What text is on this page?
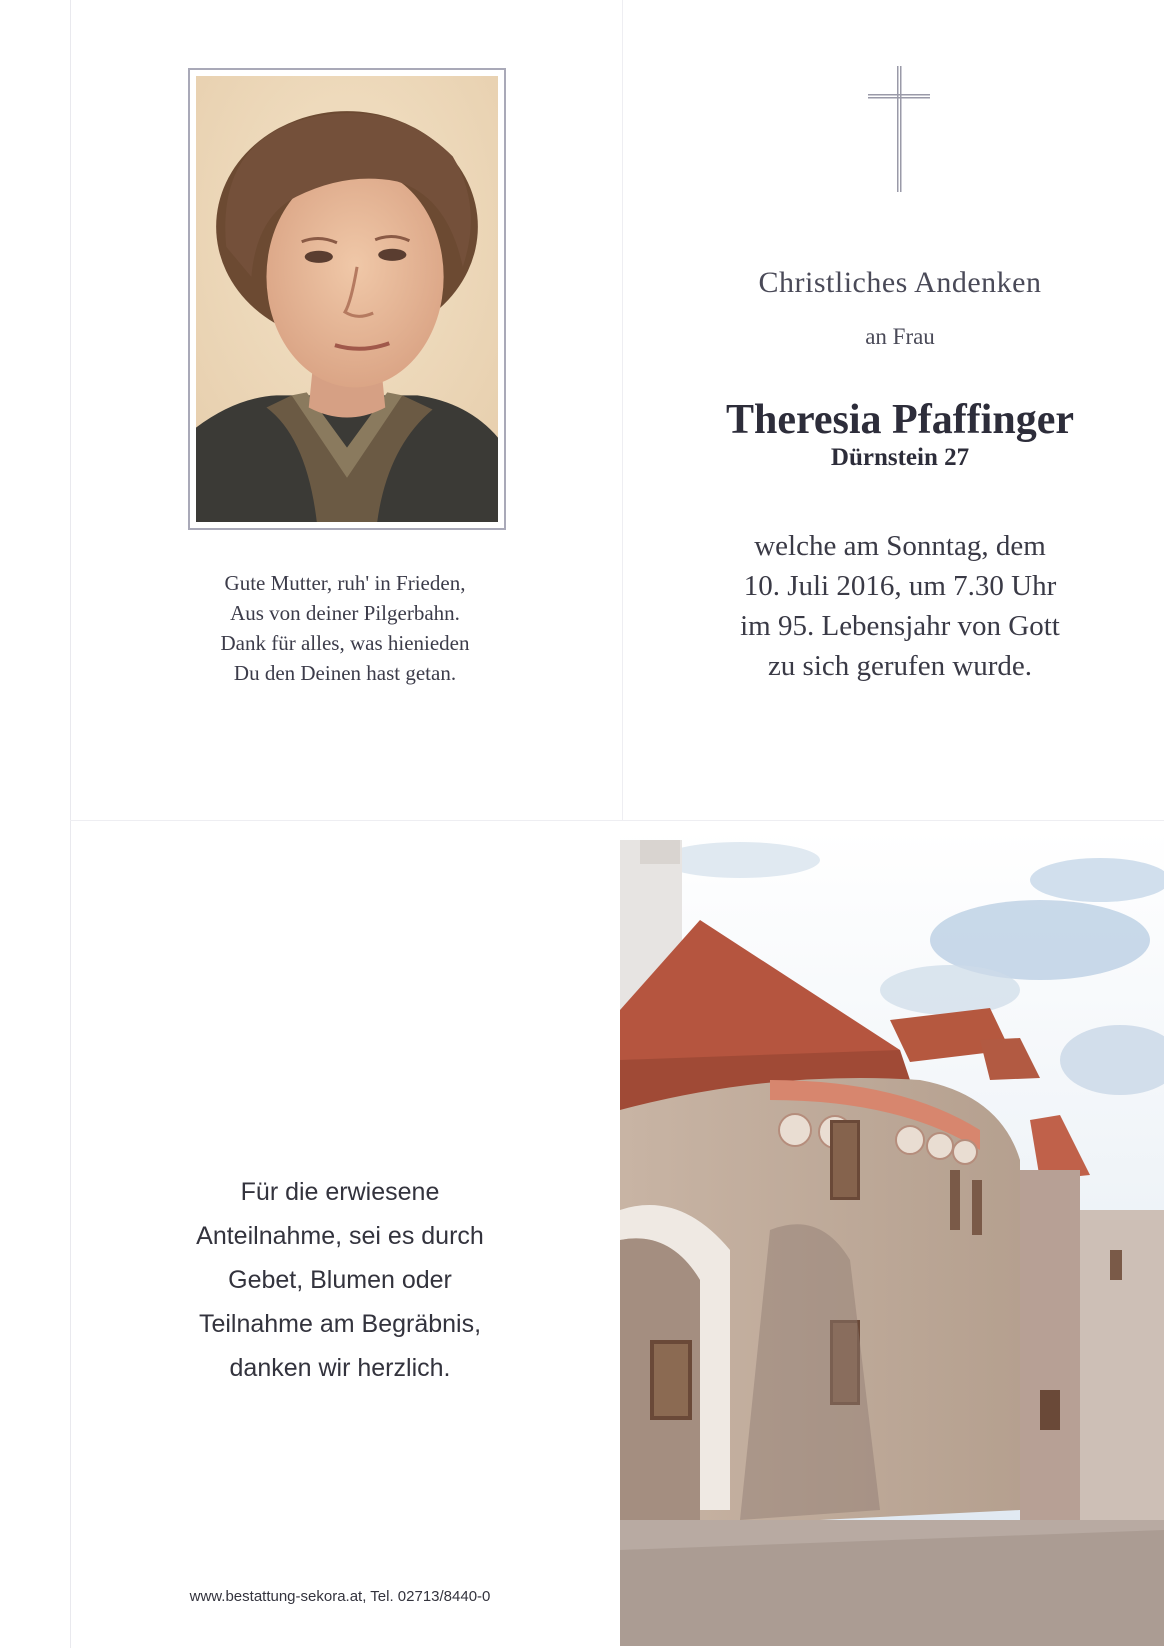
Gute Mutter, ruh' in Frieden,
Aus von deiner Pilgerbahn.
Dank für alles, was hienieden
Du den Deinen hast getan.
Christliches Andenken
an Frau
Theresia Pfaffinger
Dürnstein 27
welche am Sonntag, dem
10. Juli 2016, um 7.30 Uhr
im 95. Lebensjahr von Gott
zu sich gerufen wurde.
Für die erwiesene
Anteilnahme, sei es durch
Gebet, Blumen oder
Teilnahme am Begräbnis,
danken wir herzlich.
www.bestattung-sekora.at, Tel. 02713/8440-0
